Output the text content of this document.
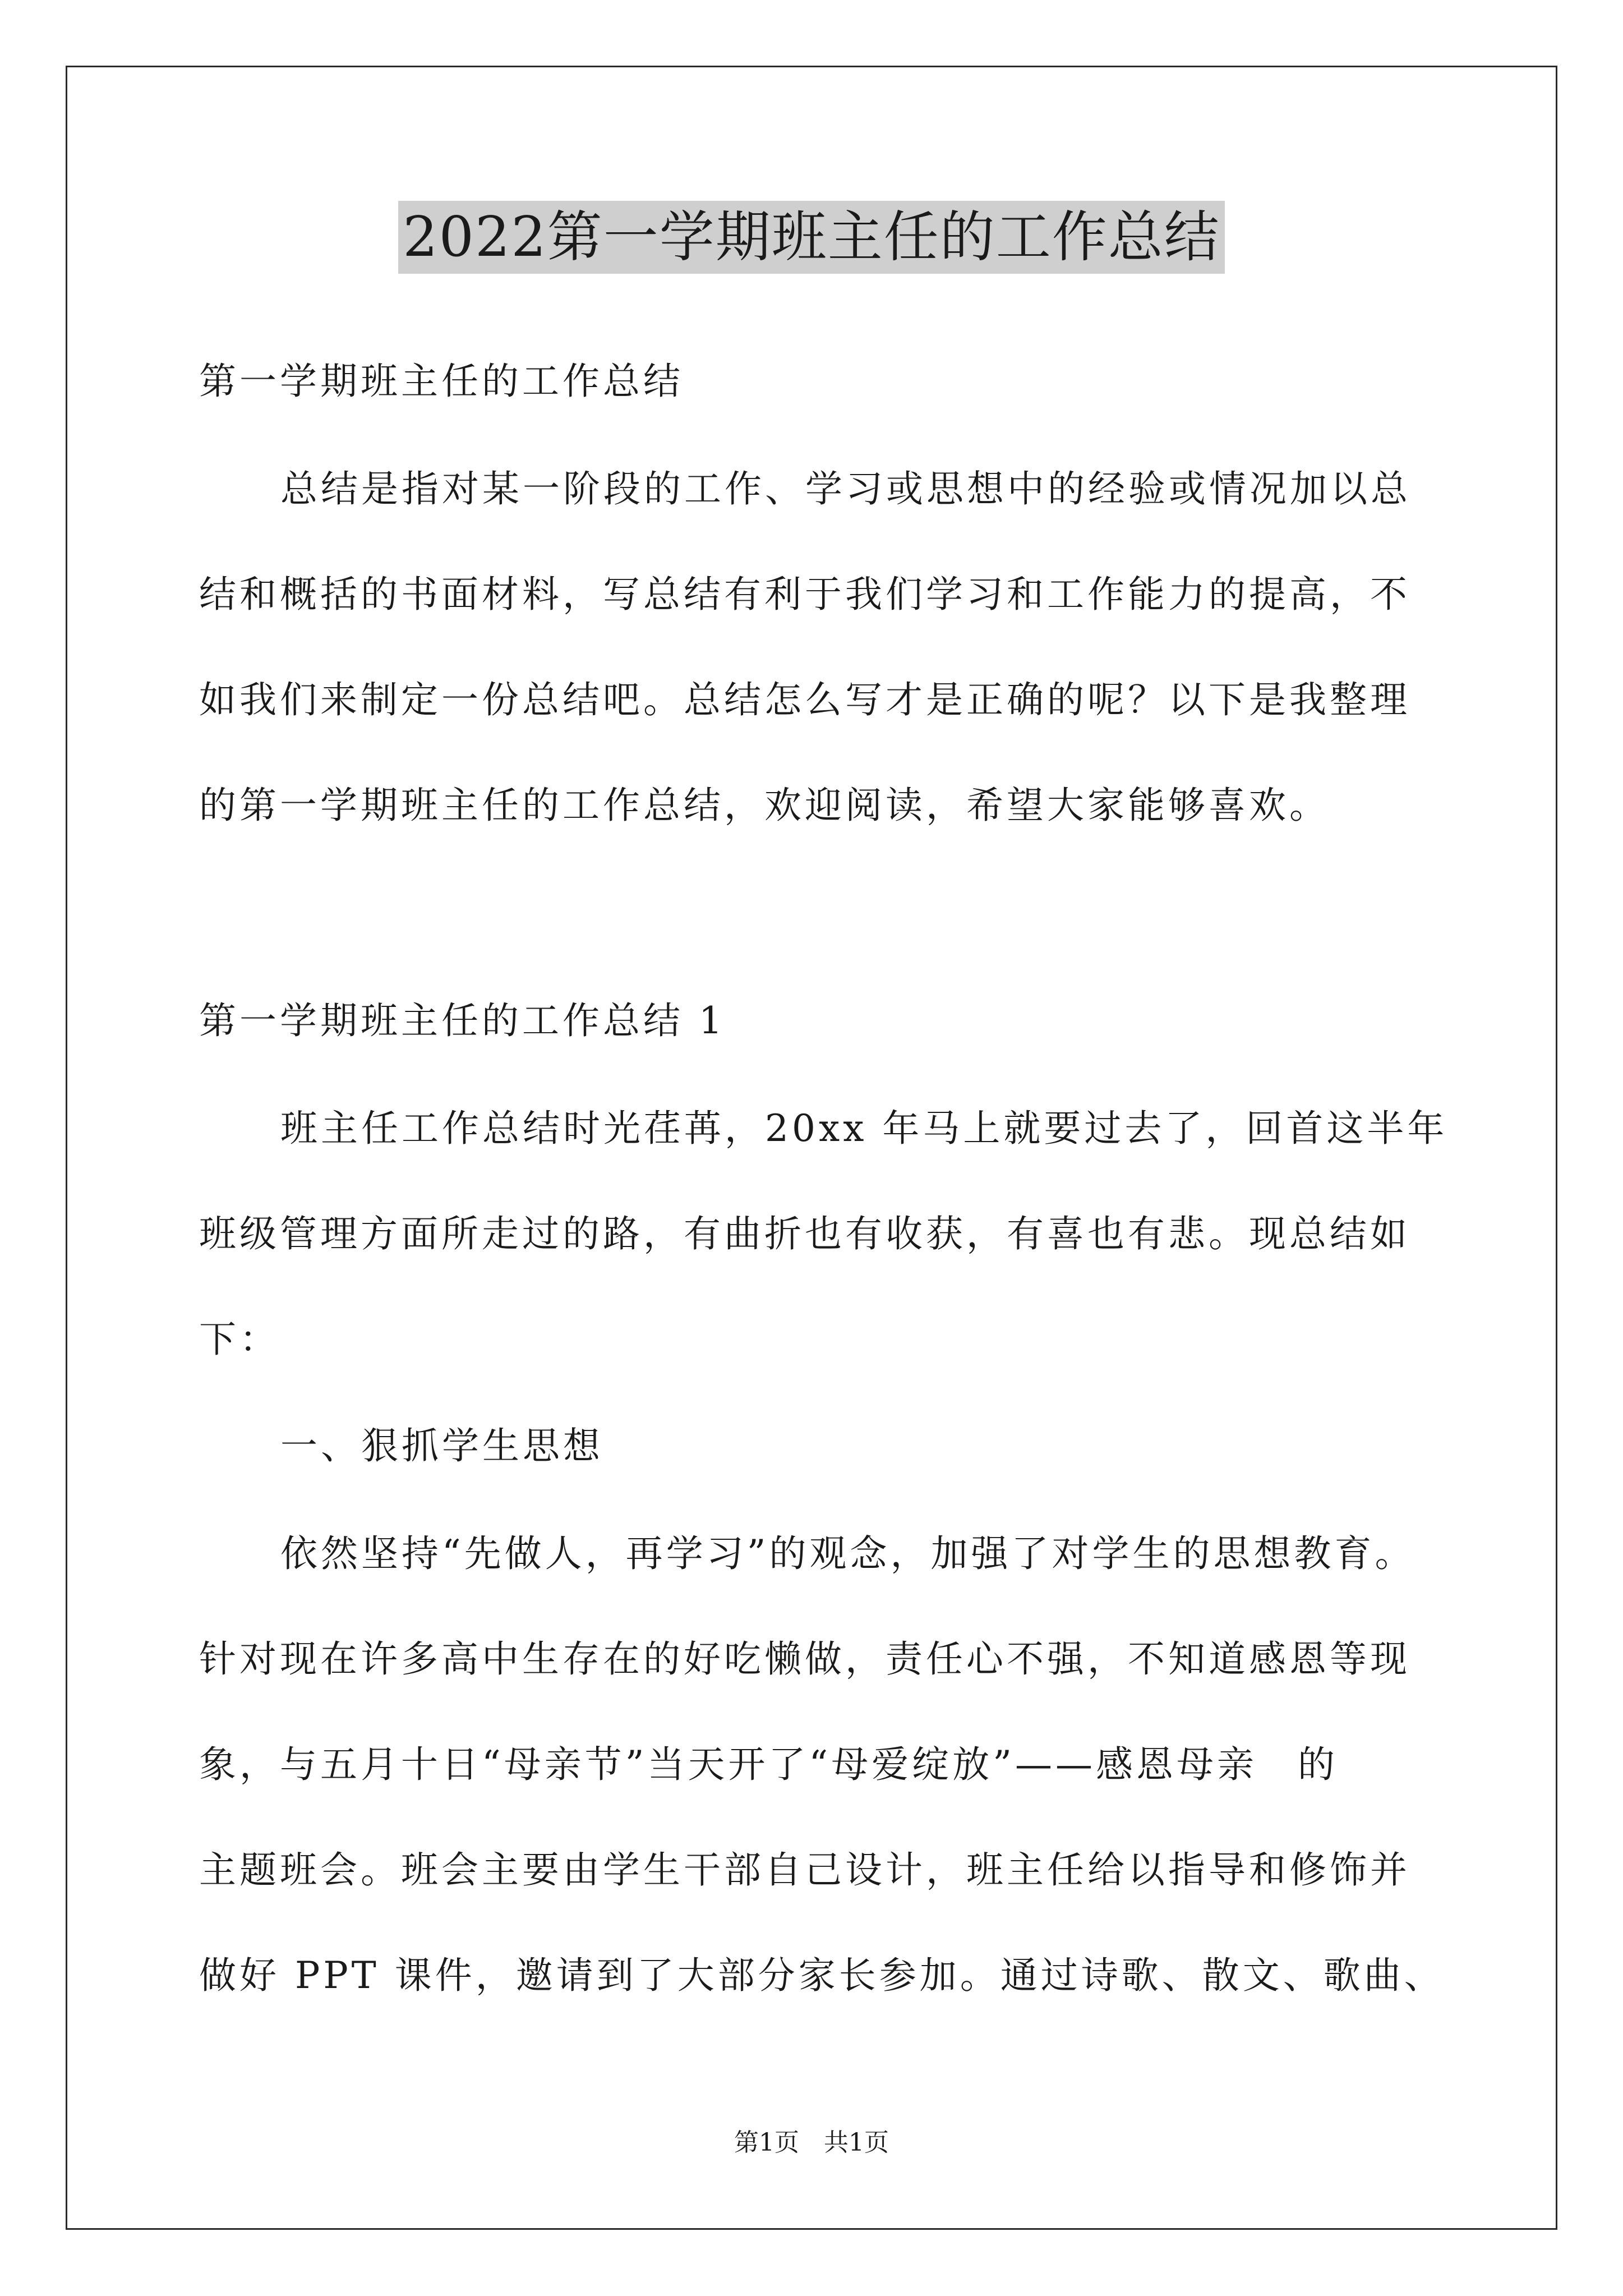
2022第一学期班主任的工作总结
第一学期班主任的工作总结
总结是指对某一阶段的工作、学习或思想中的经验或情况加以总
结和概括的书面材料，写总结有利于我们学习和工作能力的提高，不
如我们来制定一份总结吧。总结怎么写才是正确的呢？以下是我整理
的第一学期班主任的工作总结，欢迎阅读，希望大家能够喜欢。
第一学期班主任的工作总结 1
班主任工作总结时光荏苒，20xx 年马上就要过去了，回首这半年
班级管理方面所走过的路，有曲折也有收获，有喜也有悲。现总结如
下：
一、狠抓学生思想
依然坚持“先做人，再学习”的观念，加强了对学生的思想教育。
针对现在许多高中生存在的好吃懒做，责任心不强，不知道感恩等现
象，与五月十日“母亲节”当天开了“母爱绽放”——感恩母亲　的
主题班会。班会主要由学生干部自己设计，班主任给以指导和修饰并
做好 PPT 课件，邀请到了大部分家长参加。通过诗歌、散文、歌曲、
第1页　共1页
